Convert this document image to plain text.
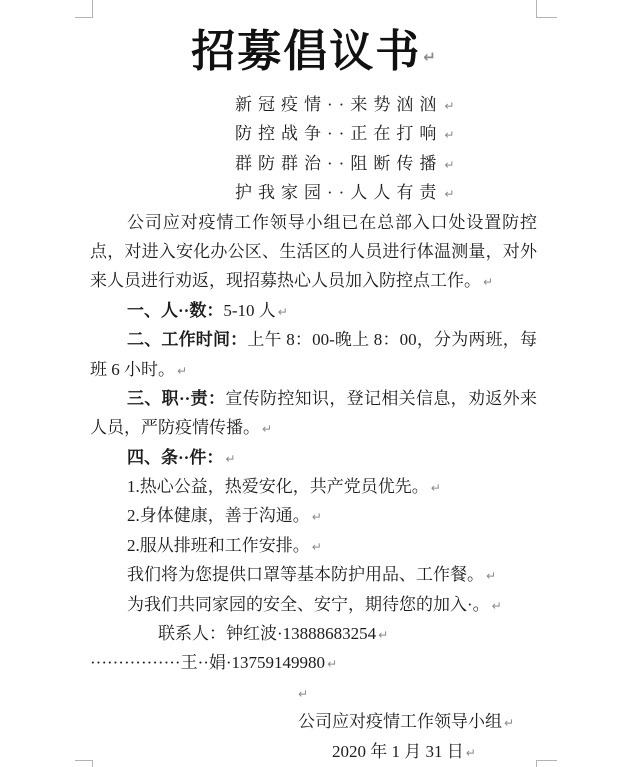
招募倡议书 ↵
新冠疫情··来势汹汹 ↵
防控战争··正在打响 ↵
群防群治··阻断传播 ↵
护我家园··人人有责 ↵
公司应对疫情工作领导小组已在总部入口处设置防控
点，对进入安化办公区、生活区的人员进行体温测量，对外
来人员进行劝返，现招募热心人员加入防控点工作。 ↵
一、人··数：5-10 人 ↵
二、工作时间：上午 8：00-晚上 8：00，分为两班，每
班 6 小时。 ↵
三、职··责：宣传防控知识，登记相关信息，劝返外来
人员，严防疫情传播。 ↵
四、条··件： ↵
1.热心公益，热爱安化，共产党员优先。 ↵
2.身体健康，善于沟通。 ↵
2.服从排班和工作安排。 ↵
我们将为您提供口罩等基本防护用品、工作餐。 ↵
为我们共同家园的安全、安宁，期待您的加入·。 ↵
联系人：钟红波·13888683254 ↵
················王··娟·13759149980 ↵
↵
公司应对疫情工作领导小组 ↵
2020 年 1 月 31 日 ↵
